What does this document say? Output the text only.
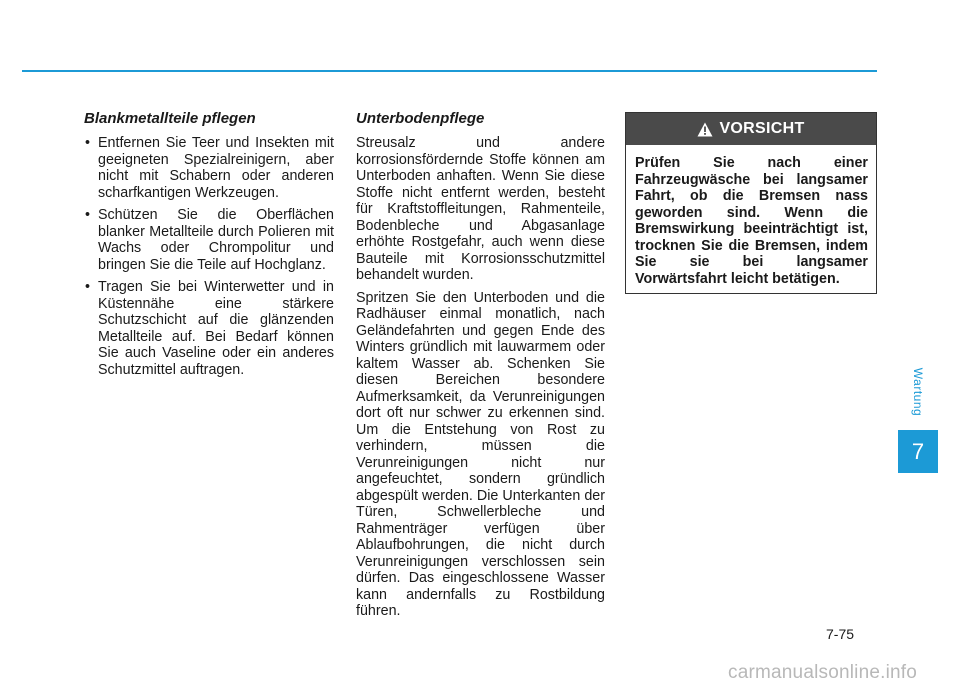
Blankmetallteile pflegen
• Entfernen Sie Teer und Insekten mit geeigneten Spezialreinigern, aber nicht mit Schabern oder anderen scharfkantigen Werkzeugen.
• Schützen Sie die Oberflächen blanker Metallteile durch Polieren mit Wachs oder Chrompolitur und bringen Sie die Teile auf Hochglanz.
• Tragen Sie bei Winterwetter und in Küstennähe eine stärkere Schutzschicht auf die glänzenden Metallteile auf. Bei Bedarf können Sie auch Vaseline oder ein anderes Schutzmittel auftragen.
Unterbodenpflege

Streusalz und andere korrosionsfördernde Stoffe können am Unterboden anhaften. Wenn Sie diese Stoffe nicht entfernt werden, besteht für Kraftstoffleitungen, Rahmenteile, Bodenbleche und Abgasanlage erhöhte Rostgefahr, auch wenn diese Bauteile mit Korrosionsschutzmittel behandelt wurden.

Spritzen Sie den Unterboden und die Radhäuser einmal monatlich, nach Geländefahrten und gegen Ende des Winters gründlich mit lauwarmem oder kaltem Wasser ab. Schenken Sie diesen Bereichen besondere Aufmerksamkeit, da Verunreinigungen dort oft nur schwer zu erkennen sind. Um die Entstehung von Rost zu verhindern, müssen die Verunreinigungen nicht nur angefeuchtet, sondern gründlich abgespült werden. Die Unterkanten der Türen, Schwellerbleche und Rahmenträger verfügen über Ablaufbohrungen, die nicht durch Verunreinigungen verschlossen sein dürfen. Das eingeschlossene Wasser kann andernfalls zu Rostbildung führen.

VORSICHT
Prüfen Sie nach einer Fahrzeugwäsche bei langsamer Fahrt, ob die Bremsen nass geworden sind. Wenn die Bremswirkung beeinträchtigt ist, trocknen Sie die Bremsen, indem Sie sie bei langsamer Vorwärtsfahrt leicht betätigen.
Wartung
7
7-75
carmanualsonline.info
